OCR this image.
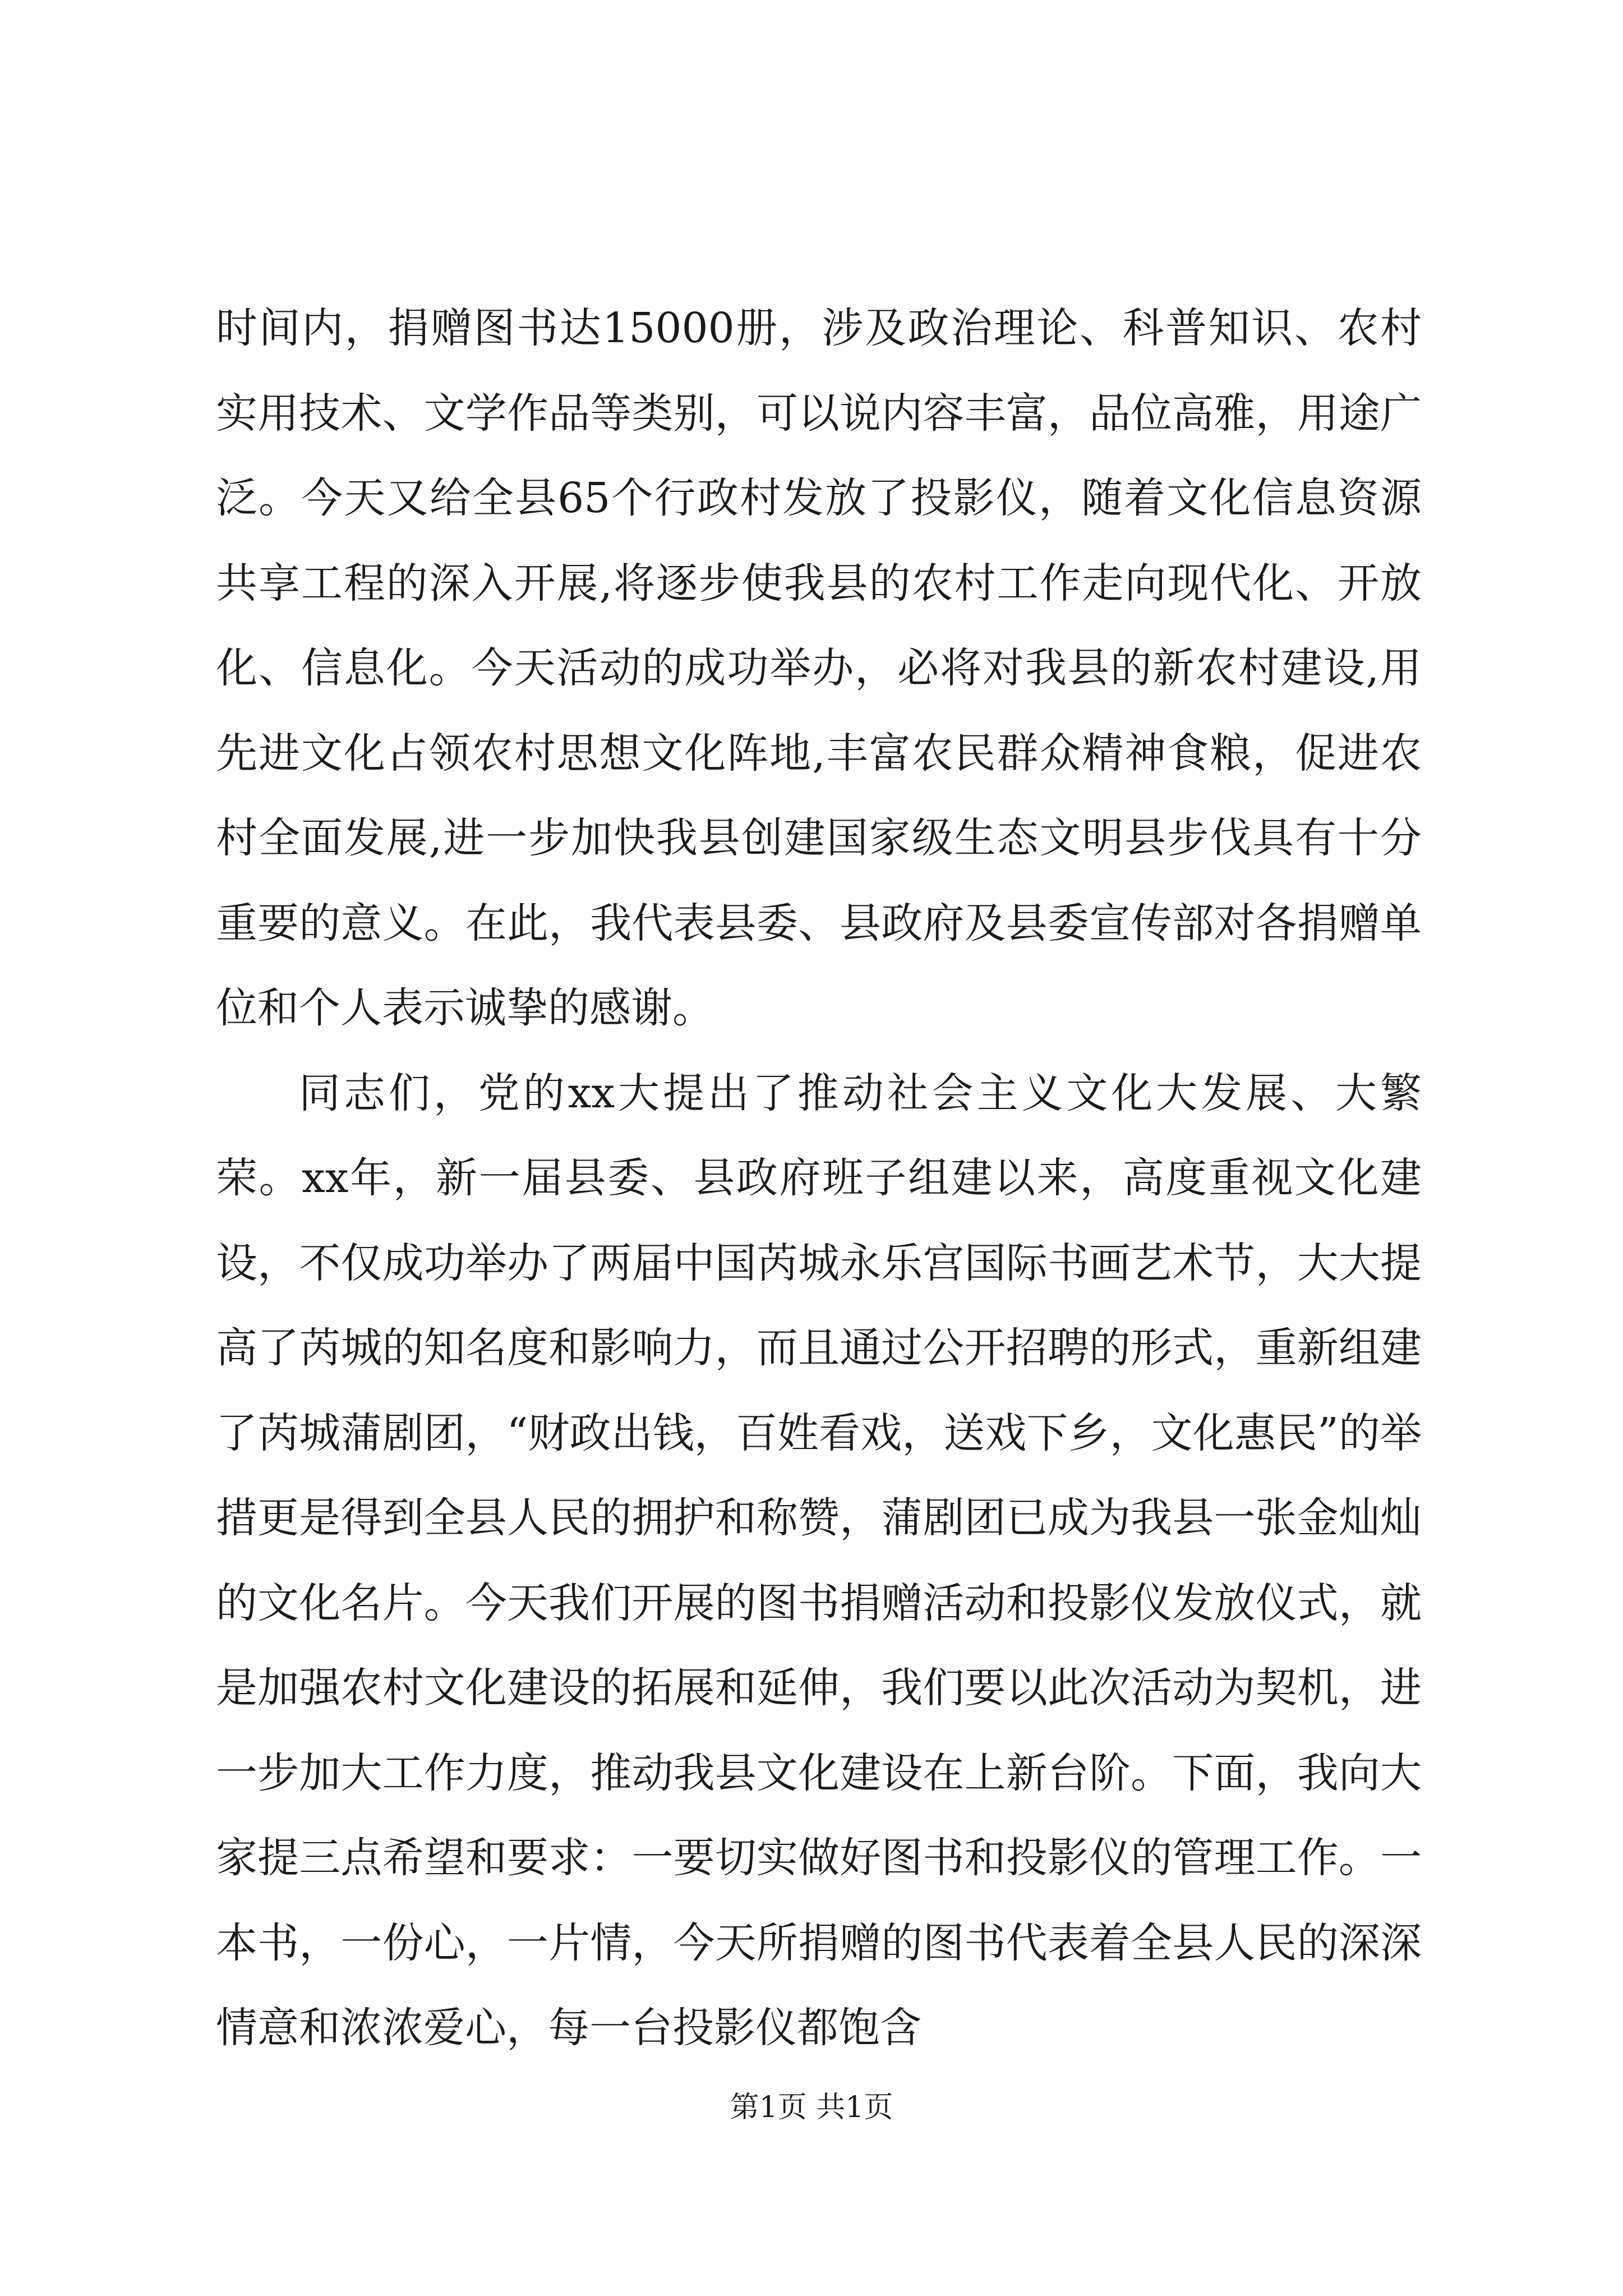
时间内，捐赠图书达15000册，涉及政治理论、科普知识、农村实用技术、文学作品等类别，可以说内容丰富，品位高雅，用途广泛。今天又给全县65个行政村发放了投影仪，随着文化信息资源共享工程的深入开展,将逐步使我县的农村工作走向现代化、开放化、信息化。今天活动的成功举办，必将对我县的新农村建设,用先进文化占领农村思想文化阵地,丰富农民群众精神食粮，促进农村全面发展,进一步加快我县创建国家级生态文明县步伐具有十分重要的意义。在此，我代表县委、县政府及县委宣传部对各捐赠单位和个人表示诚挚的感谢。

同志们，党的xx大提出了推动社会主义文化大发展、大繁荣。xx年，新一届县委、县政府班子组建以来，高度重视文化建设，不仅成功举办了两届中国芮城永乐宫国际书画艺术节，大大提高了芮城的知名度和影响力，而且通过公开招聘的形式，重新组建了芮城蒲剧团，“财政出钱，百姓看戏，送戏下乡，文化惠民”的举措更是得到全县人民的拥护和称赞，蒲剧团已成为我县一张金灿灿的文化名片。今天我们开展的图书捐赠活动和投影仪发放仪式，就是加强农村文化建设的拓展和延伸，我们要以此次活动为契机，进一步加大工作力度，推动我县文化建设在上新台阶。下面，我向大家提三点希望和要求：一要切实做好图书和投影仪的管理工作。一本书，一份心，一片情，今天所捐赠的图书代表着全县人民的深深情意和浓浓爱心，每一台投影仪都饱含

第1页 共1页
